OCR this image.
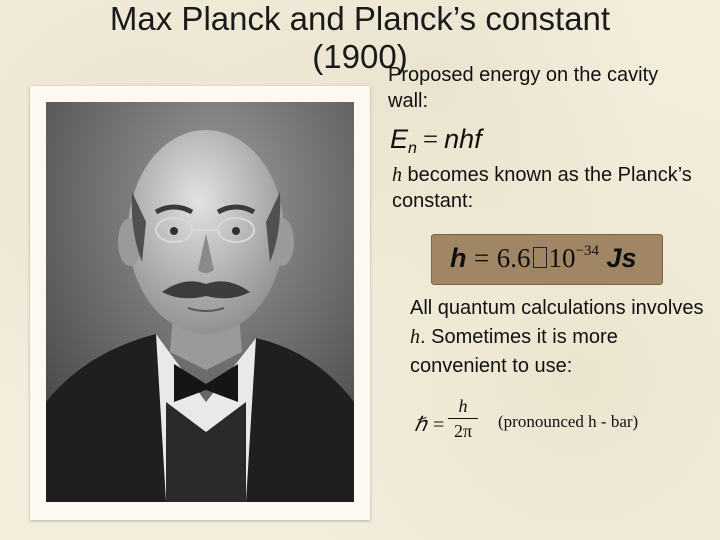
Max Planck and Planck’s constant
(1900)
Proposed energy on the cavity wall:
$E_n$ = nhf
h becomes known as the Planck’s constant:
h = 6.6 $10^{-34}$ Js
All quantum calculations involves h. Sometimes it is more convenient to use:
ℏ =
h
2π	(pronounced h - bar)
